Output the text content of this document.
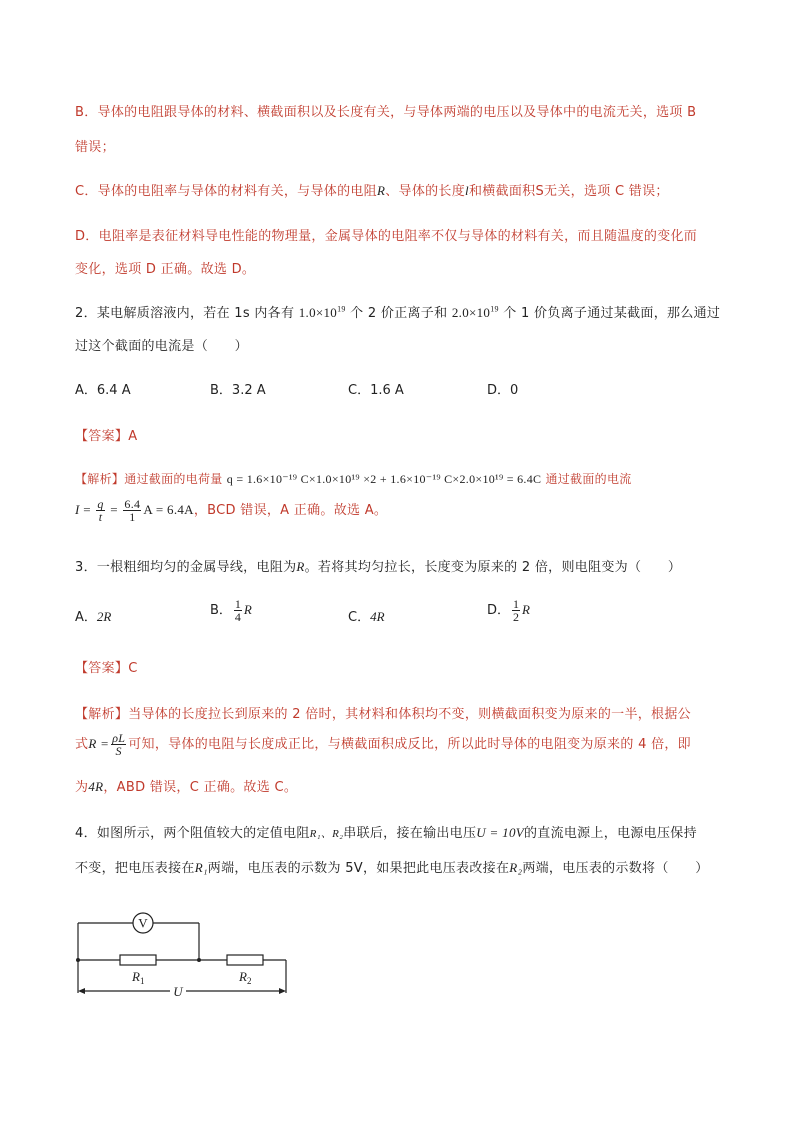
B．导体的电阻跟导体的材料、横截面积以及长度有关，与导体两端的电压以及导体中的电流无关，选项 B
错误；
C．导体的电阻率与导体的材料有关，与导体的电阻R、导体的长度l和横截面积S无关，选项 C 错误；
D．电阻率是表征材料导电性能的物理量，金属导体的电阻率不仅与导体的材料有关，而且随温度的变化而
变化，选项 D 正确。故选 D。
2．某电解质溶液内，若在 1s 内各有 $1.0\times 10^{19}$ 个 2 价正离子和 $2.0\times 10^{19}$ 个 1 价负离子通过某截面，那么通过
过这个截面的电流是（　　）
A．6.4 A	B．3.2 A	C．1.6 A	D．0
【答案】A
【解析】通过截面的电荷量 q = 1.6×10⁻¹⁹ C×1.0×10¹⁹ ×2 + 1.6×10⁻¹⁹ C×2.0×10¹⁹ = 6.4C 通过截面的电流
$I = \frac{q}{t} = \frac{6.4}{1}$ A = 6.4A，BCD 错误，A 正确。故选 A。
3．一根粗细均匀的金属导线，电阻为R。若将其均匀拉长，长度变为原来的 2 倍，则电阻变为（　　）
A．2R	B． $\frac{1}{4}$ R
C．4R	D． $\frac{1}{2}$ R
【答案】C
【解析】当导体的长度拉长到原来的 2 倍时，其材料和体积均不变，则横截面积变为原来的一半，根据公
式$R = \frac{\rho L}{S}$ 可知，导体的电阻与长度成正比，与横截面积成反比，所以此时导体的电阻变为原来的 4 倍，即
为4R，ABD 错误，C 正确。故选 C。
4．如图所示，两个阻值较大的定值电阻R₁、R₂串联后，接在输出电压U = 10V的直流电源上，电源电压保持
不变，把电压表接在R₁两端，电压表的示数为 5V，如果把此电压表改接在R₂两端，电压表的示数将（　　）
V
$R_1$	$R_2$
U
